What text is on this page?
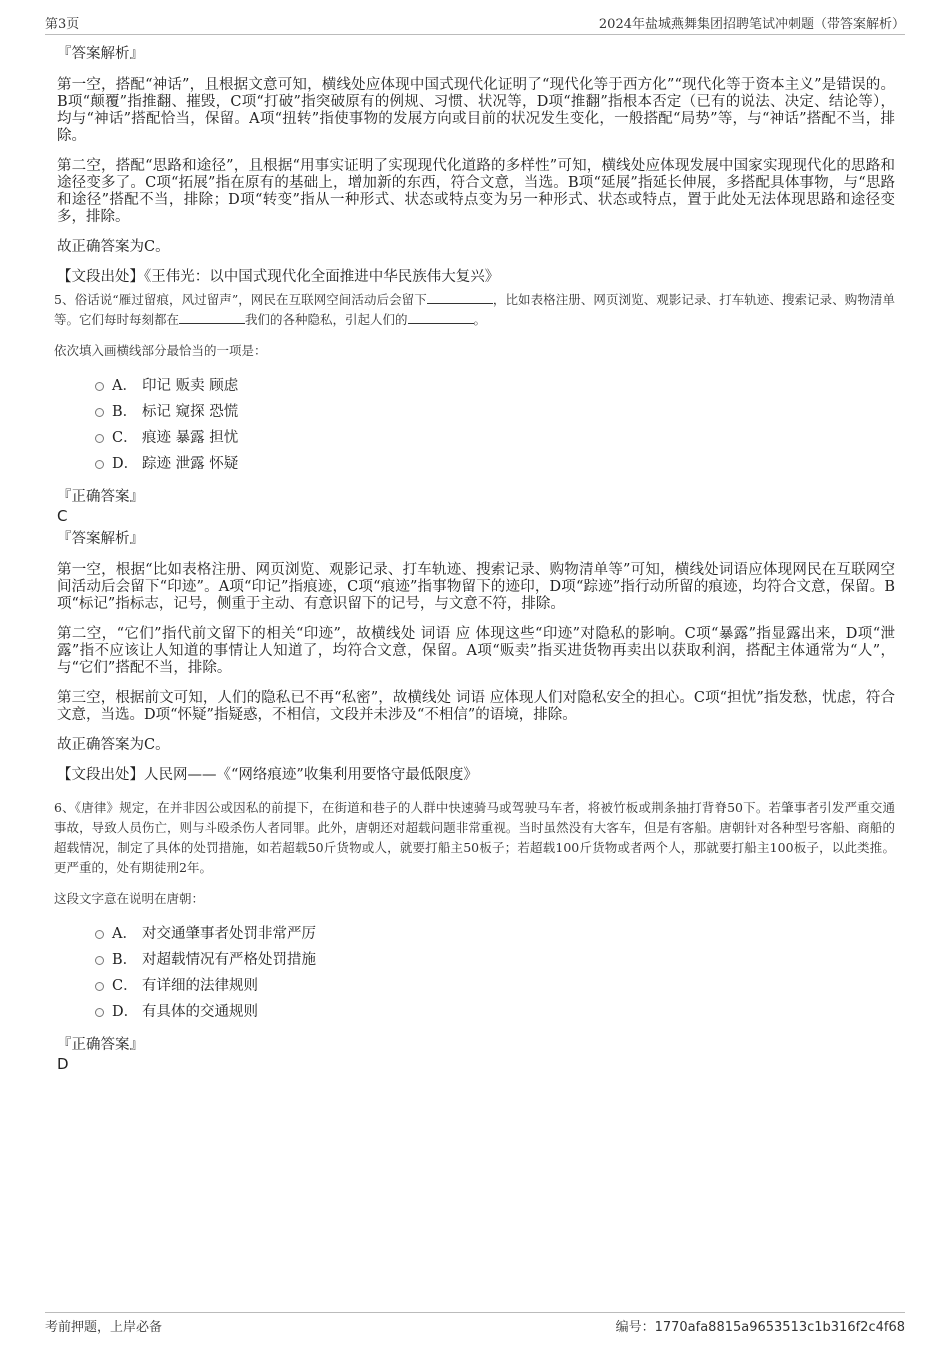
第3页	2024年盐城燕舞集团招聘笔试冲刺题（带答案解析）
『答案解析』

第一空，搭配“神话”，且根据文意可知，横线处应体现中国式现代化证明了“现代化等于西方化”“现代化等于资本主义”是错误的。B项“颠覆”指推翻、摧毁，C项“打破”指突破原有的例规、习惯、状况等，D项“推翻”指根本否定（已有的说法、决定、结论等），均与“神话”搭配恰当，保留。A项“扭转”指使事物的发展方向或目前的状况发生变化，一般搭配“局势”等，与“神话”搭配不当，排除。

第二空，搭配“思路和途径”，且根据“用事实证明了实现现代化道路的多样性”可知，横线处应体现发展中国家实现现代化的思路和途径变多了。C项“拓展”指在原有的基础上，增加新的东西，符合文意，当选。B项“延展”指延长伸展，多搭配具体事物，与“思路和途径”搭配不当，排除；D项“转变”指从一种形式、状态或特点变为另一种形式、状态或特点，置于此处无法体现思路和途径变多，排除。

故正确答案为C。

【文段出处】《王伟光：以中国式现代化全面推进中华民族伟大复兴》
5、俗话说“雁过留痕，风过留声”，网民在互联网空间活动后会留下	，比如表格注册、网页浏览、观影记录、打车轨迹、搜索记录、购物清单等。它们每时每刻都在	我们的各种隐私，引起人们的	。
依次填入画横线部分最恰当的一项是：
A． 印记 贩卖 顾虑
B． 标记 窥探 恐慌
C． 痕迹 暴露 担忧
D． 踪迹 泄露 怀疑
『正确答案』
C
『答案解析』

第一空，根据“比如表格注册、网页浏览、观影记录、打车轨迹、搜索记录、购物清单等”可知，横线处词语应体现网民在互联网空间活动后会留下“印迹”。A项“印记”指痕迹，C项“痕迹”指事物留下的迹印，D项“踪迹”指行动所留的痕迹，均符合文意，保留。B项“标记”指标志，记号，侧重于主动、有意识留下的记号，与文意不符，排除。

第二空，“它们”指代前文留下的相关“印迹”，故横线处 词语 应 体现这些“印迹”对隐私的影响。C项“暴露”指显露出来，D项“泄露”指不应该让人知道的事情让人知道了，均符合文意，保留。A项“贩卖”指买进货物再卖出以获取利润，搭配主体通常为“人”，与“它们”搭配不当，排除。

第三空，根据前文可知，人们的隐私已不再“私密”，故横线处 词语 应体现人们对隐私安全的担心。C项“担忧”指发愁，忧虑，符合文意，当选。D项“怀疑”指疑惑，不相信，文段并未涉及“不相信”的语境，排除。

故正确答案为C。

【文段出处】人民网——《“网络痕迹”收集利用要恪守最低限度》
6、《唐律》规定，在并非因公或因私的前提下，在街道和巷子的人群中快速骑马或驾驶马车者，将被竹板或荆条抽打背脊50下。若肇事者引发严重交通事故，导致人员伤亡，则与斗殴杀伤人者同罪。此外，唐朝还对超载问题非常重视。当时虽然没有大客车，但是有客船。唐朝针对各种型号客船、商船的超载情况，制定了具体的处罚措施，如若超载50斤货物或人，就要打船主50板子；若超载100斤货物或者两个人，那就要打船主100板子，以此类推。更严重的，处有期徒刑2年。
这段文字意在说明在唐朝：
A． 对交通肇事者处罚非常严厉
B． 对超载情况有严格处罚措施
C． 有详细的法律规则
D． 有具体的交通规则
『正确答案』
D
考前押题，上岸必备	编号：1770afa8815a9653513c1b316f2c4f68
